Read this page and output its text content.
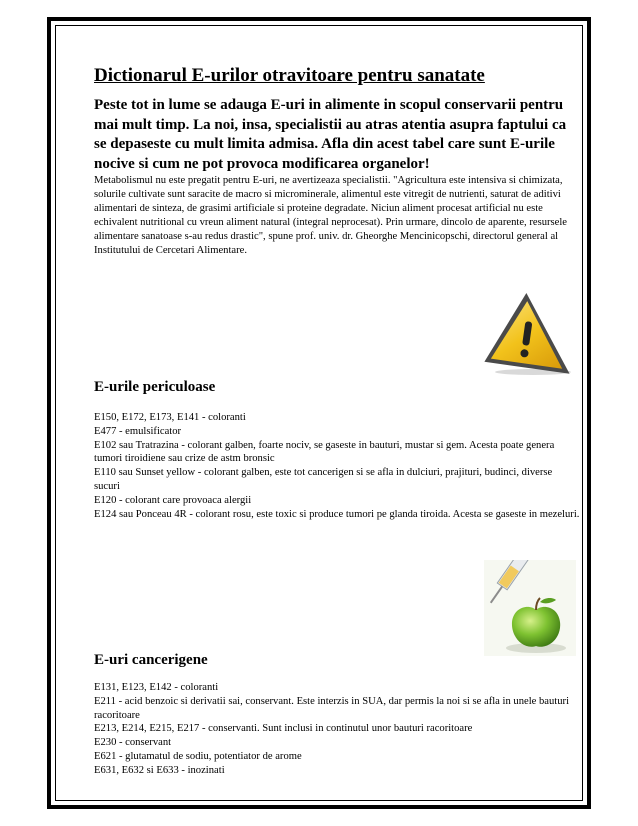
Dictionarul E-urilor otravitoare pentru sanatate

Peste tot in lume se adauga E-uri in alimente in scopul conservarii pentru mai mult timp. La noi, insa, specialistii au atras atentia asupra faptului ca se depaseste cu mult limita admisa. Afla din acest tabel care sunt E-urile nocive si cum ne pot provoca modificarea organelor!

Metabolismul nu este pregatit pentru E-uri, ne avertizeaza specialistii. "Agricultura este intensiva si chimizata, solurile cultivate sunt saracite de macro si microminerale, alimentul este vitregit de nutrienti, saturat de aditivi alimentari de sinteza, de grasimi artificiale si proteine degradate. Niciun aliment procesat artificial nu este echivalent nutritional cu vreun aliment natural (integral neprocesat). Prin urmare, dincolo de aparente, resursele alimentare sanatoase s-au redus drastic", spune prof. univ. dr. Gheorghe Mencinicopschi, directorul general al Institutului de Cercetari Alimentare.

E-urile periculoase
E150, E172, E173, E141 - coloranti
E477 - emulsificator
E102 sau Tratrazina - colorant galben, foarte nociv, se gaseste in bauturi, mustar si gem. Acesta poate genera tumori tiroidiene sau crize de astm bronsic
E110 sau Sunset yellow - colorant galben, este tot cancerigen si se afla in dulciuri, prajituri, budinci, diverse sucuri
E120 - colorant care provoaca alergii
E124 sau Ponceau 4R - colorant rosu, este toxic si produce tumori pe glanda tiroida. Acesta se gaseste in mezeluri.
E-uri cancerigene
E131, E123, E142 - coloranti
E211 - acid benzoic si derivatii sai, conservant. Este interzis in SUA, dar permis la noi si se afla in unele bauturi racoritoare
E213, E214, E215, E217 - conservanti. Sunt inclusi in continutul unor bauturi racoritoare
E230 - conservant
E621 - glutamatul de sodiu, potentiator de arome
E631, E632 si E633 - inozinati
